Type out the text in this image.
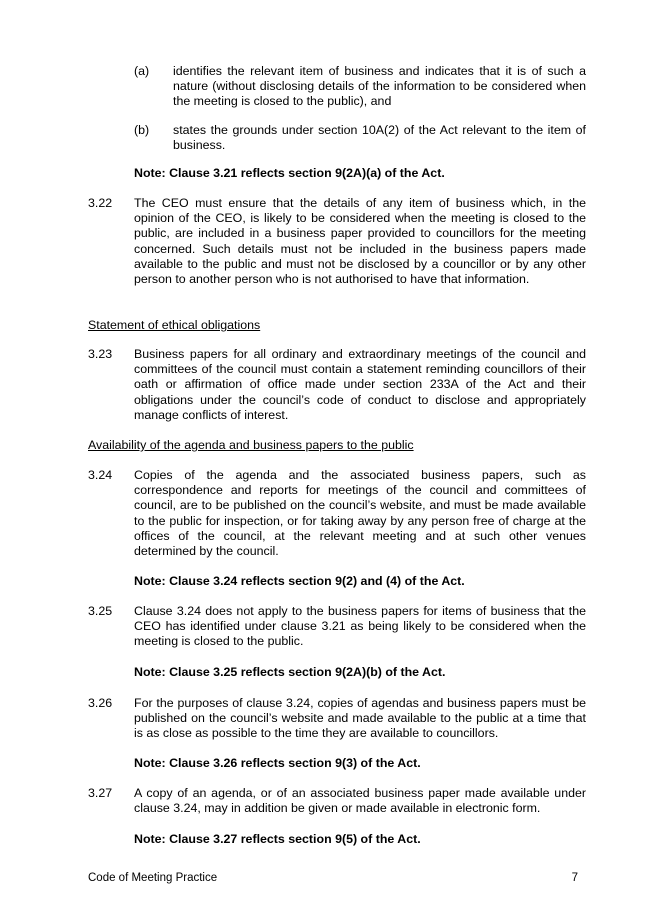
(a) identifies the relevant item of business and indicates that it is of such a nature (without disclosing details of the information to be considered when the meeting is closed to the public), and
(b) states the grounds under section 10A(2) of the Act relevant to the item of business.
Note: Clause 3.21 reflects section 9(2A)(a) of the Act.
3.22 The CEO must ensure that the details of any item of business which, in the opinion of the CEO, is likely to be considered when the meeting is closed to the public, are included in a business paper provided to councillors for the meeting concerned. Such details must not be included in the business papers made available to the public and must not be disclosed by a councillor or by any other person to another person who is not authorised to have that information.
Statement of ethical obligations
3.23 Business papers for all ordinary and extraordinary meetings of the council and committees of the council must contain a statement reminding councillors of their oath or affirmation of office made under section 233A of the Act and their obligations under the council’s code of conduct to disclose and appropriately manage conflicts of interest.
Availability of the agenda and business papers to the public
3.24 Copies of the agenda and the associated business papers, such as correspondence and reports for meetings of the council and committees of council, are to be published on the council’s website, and must be made available to the public for inspection, or for taking away by any person free of charge at the offices of the council, at the relevant meeting and at such other venues determined by the council.
Note: Clause 3.24 reflects section 9(2) and (4) of the Act.
3.25 Clause 3.24 does not apply to the business papers for items of business that the CEO has identified under clause 3.21 as being likely to be considered when the meeting is closed to the public.
Note: Clause 3.25 reflects section 9(2A)(b) of the Act.
3.26 For the purposes of clause 3.24, copies of agendas and business papers must be published on the council’s website and made available to the public at a time that is as close as possible to the time they are available to councillors.
Note: Clause 3.26 reflects section 9(3) of the Act.
3.27 A copy of an agenda, or of an associated business paper made available under clause 3.24, may in addition be given or made available in electronic form.
Note: Clause 3.27 reflects section 9(5) of the Act.
Code of Meeting Practice	7
